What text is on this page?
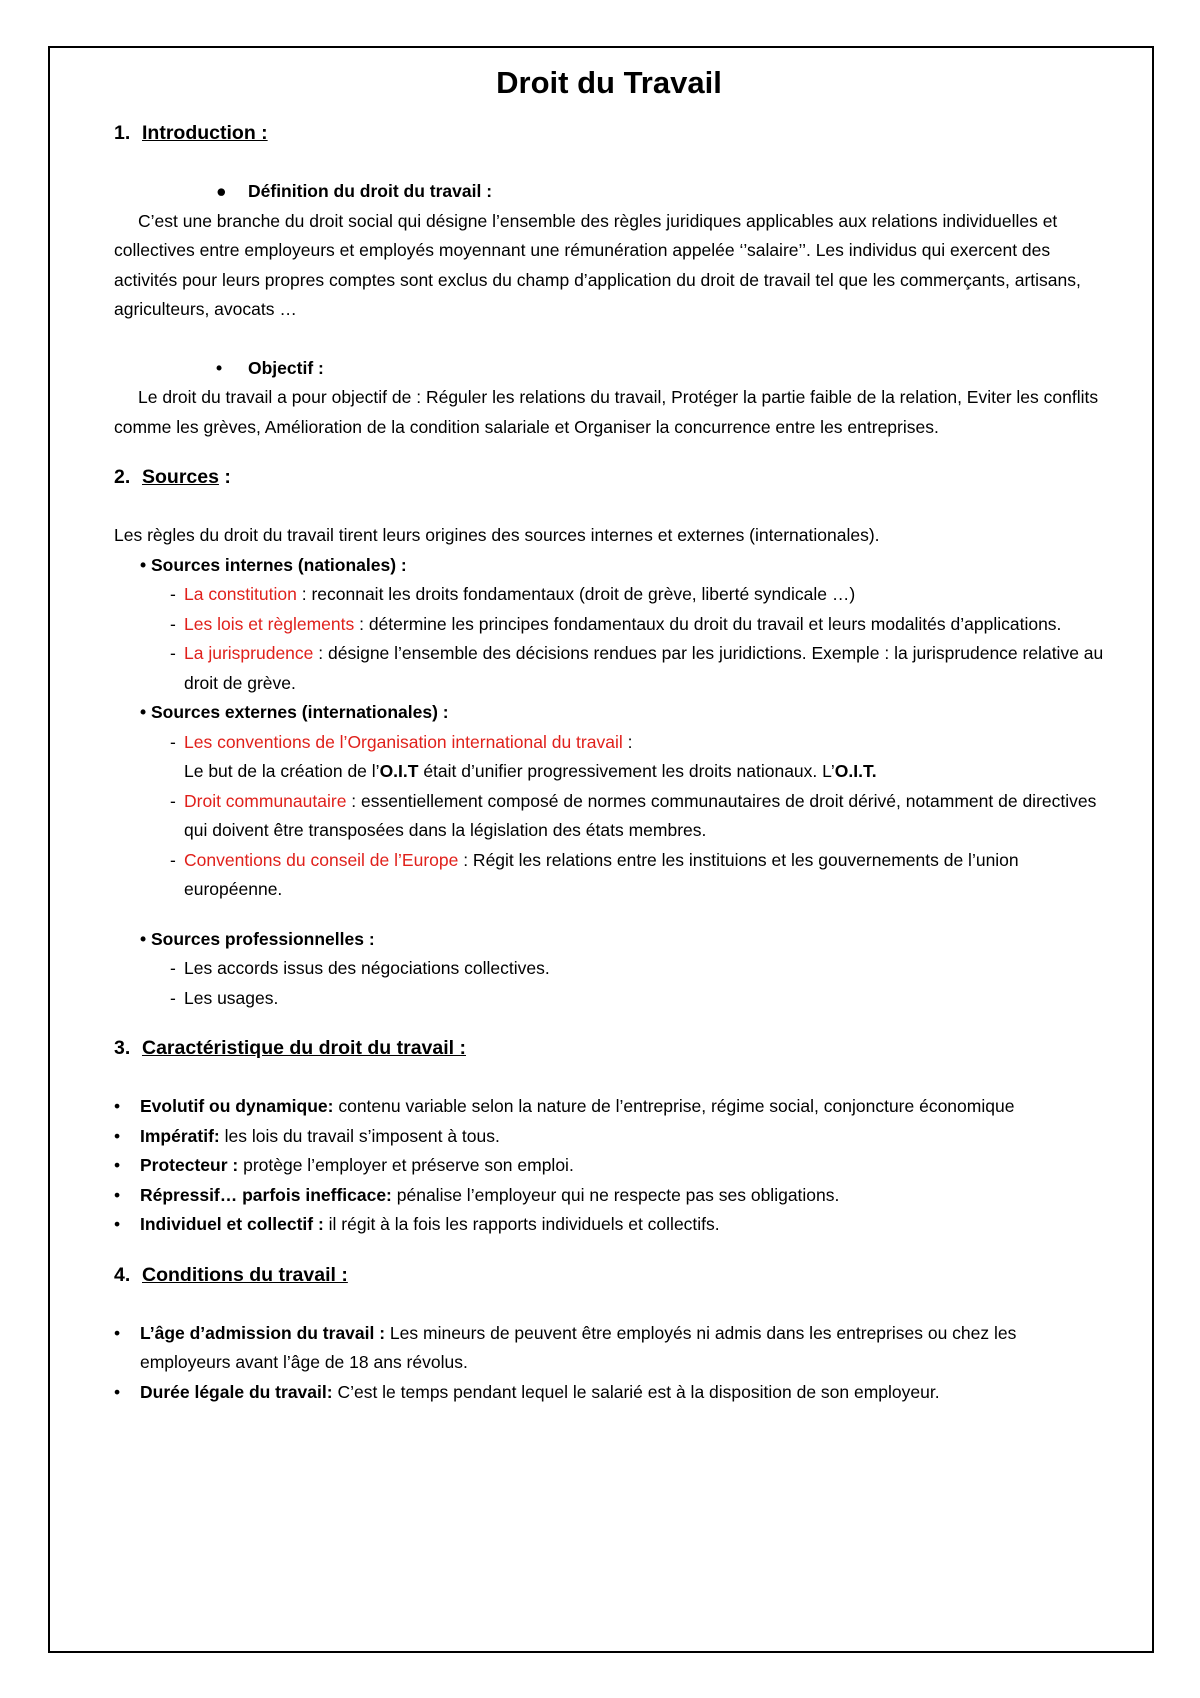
Droit du Travail

1. Introduction :

● Définition du droit du travail :

C’est une branche du droit social qui désigne l’ensemble des règles juridiques applicables aux relations individuelles et collectives entre employeurs et employés moyennant une rémunération appelée ‘’salaire’’. Les individus qui exercent des activités pour leurs propres comptes sont exclus du champ d’application du droit de travail tel que les commerçants, artisans, agriculteurs, avocats …

• Objectif :

Le droit du travail a pour objectif de : Réguler les relations du travail, Protéger la partie faible de la relation, Eviter les conflits comme les grèves, Amélioration de la condition salariale et Organiser la concurrence entre les entreprises.

2. Sources :

Les règles du droit du travail tirent leurs origines des sources internes et externes (internationales).

• Sources internes (nationales) :

- La constitution : reconnait les droits fondamentaux (droit de grève, liberté syndicale …)
- Les lois et règlements : détermine les principes fondamentaux du droit du travail et leurs modalités d’applications.
- La jurisprudence : désigne l’ensemble des décisions rendues par les juridictions. Exemple : la jurisprudence relative au droit de grève.

• Sources externes (internationales) :

- Les conventions de l’Organisation international du travail :
Le but de la création de l’O.I.T était d’unifier progressivement les droits nationaux. L’O.I.T.
- Droit communautaire : essentiellement composé de normes communautaires de droit dérivé, notamment de directives qui doivent être transposées dans la législation des états membres.
- Conventions du conseil de l’Europe : Régit les relations entre les instituions et les gouvernements de l’union européenne.

• Sources professionnelles :

- Les accords issus des négociations collectives.
- Les usages.

3. Caractéristique du droit du travail :

• Evolutif ou dynamique: contenu variable selon la nature de l’entreprise, régime social, conjoncture économique
• Impératif: les lois du travail s’imposent à tous.
• Protecteur : protège l’employer et préserve son emploi.
• Répressif… parfois inefficace: pénalise l’employeur qui ne respecte pas ses obligations.
• Individuel et collectif : il régit à la fois les rapports individuels et collectifs.

4. Conditions du travail :

• L’âge d’admission du travail : Les mineurs de peuvent être employés ni admis dans les entreprises ou chez les employeurs avant l’âge de 18 ans révolus.
• Durée légale du travail: C’est le temps pendant lequel le salarié est à la disposition de son employeur.
